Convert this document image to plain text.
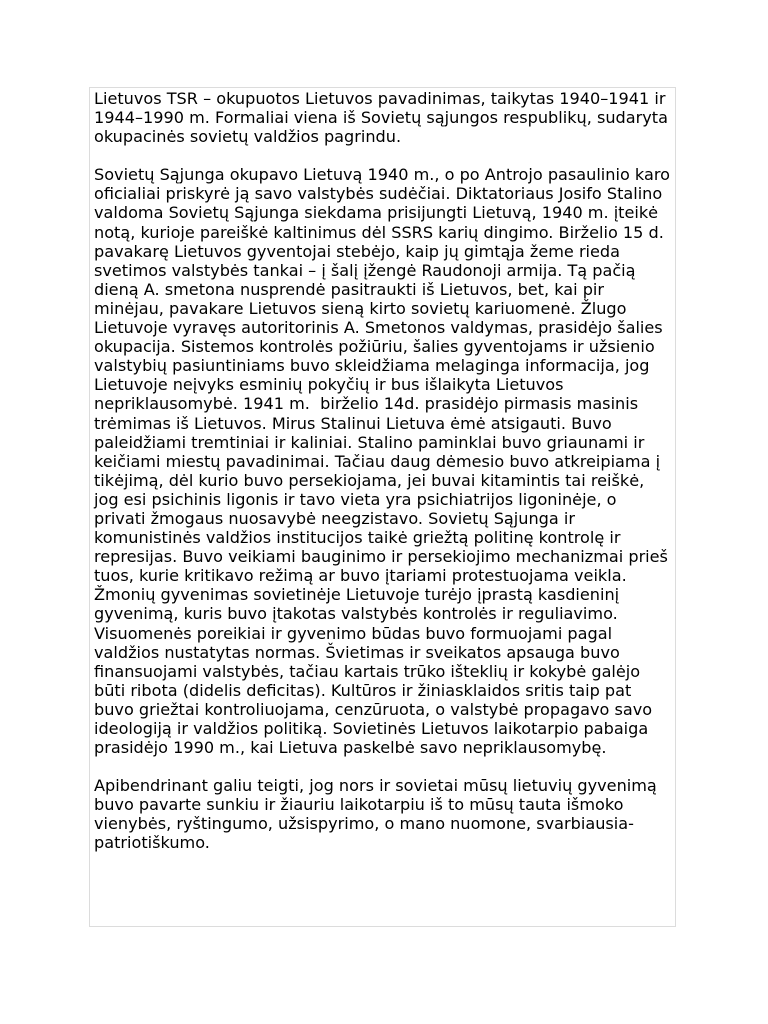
Lietuvos TSR – okupuotos Lietuvos pavadinimas, taikytas 1940–1941 ir 1944–1990 m. Formaliai viena iš Sovietų sąjungos respublikų, sudaryta okupacinės sovietų valdžios pagrindu.

Sovietų Sąjunga okupavo Lietuvą 1940 m., o po Antrojo pasaulinio karo oficialiai priskyrė ją savo valstybės sudėčiai. Diktatoriaus Josifo Stalino valdoma Sovietų Sąjunga siekdama prisijungti Lietuvą, 1940 m. įteikė notą, kurioje pareiškė kaltinimus dėl SSRS karių dingimo. Birželio 15 d. pavakarę Lietuvos gyventojai stebėjo, kaip jų gimtąja žeme rieda svetimos valstybės tankai – į šalį įžengė Raudonoji armija. Tą pačią dieną A. smetona nusprendė pasitraukti iš Lietuvos, bet, kai pir minėjau, pavakare Lietuvos sieną kirto sovietų kariuomenė. Žlugo Lietuvoje vyravęs autoritorinis A. Smetonos valdymas, prasidėjo šalies okupacija. Sistemos kontrolės požiūriu, šalies gyventojams ir užsienio valstybių pasiuntiniams buvo skleidžiama melaginga informacija, jog Lietuvoje neįvyks esminių pokyčių ir bus išlaikyta Lietuvos nepriklausomybė. 1941 m.  birželio 14d. prasidėjo pirmasis masinis trėmimas iš Lietuvos. Mirus Stalinui Lietuva ėmė atsigauti. Buvo paleidžiami tremtiniai ir kaliniai. Stalino paminklai buvo griaunami ir keičiami miestų pavadinimai. Tačiau daug dėmesio buvo atkreipiama į tikėjimą, dėl kurio buvo persekiojama, jei buvai kitamintis tai reiškė, jog esi psichinis ligonis ir tavo vieta yra psichiatrijos ligoninėje, o privati žmogaus nuosavybė neegzistavo. Sovietų Sąjunga ir komunistinės valdžios institucijos taikė griežtą politinę kontrolę ir represijas. Buvo veikiami bauginimo ir persekiojimo mechanizmai prieš tuos, kurie kritikavo režimą ar buvo įtariami protestuojama veikla. Žmonių gyvenimas sovietinėje Lietuvoje turėjo įprastą kasdieninį gyvenimą, kuris buvo įtakotas valstybės kontrolės ir reguliavimo. Visuomenės poreikiai ir gyvenimo būdas buvo formuojami pagal valdžios nustatytas normas. Švietimas ir sveikatos apsauga buvo finansuojami valstybės, tačiau kartais trūko išteklių ir kokybė galėjo būti ribota (didelis deficitas). Kultūros ir žiniasklaidos sritis taip pat buvo griežtai kontroliuojama, cenzūruota, o valstybė propagavo savo ideologiją ir valdžios politiką. Sovietinės Lietuvos laikotarpio pabaiga prasidėjo 1990 m., kai Lietuva paskelbė savo nepriklausomybę.

Apibendrinant galiu teigti, jog nors ir sovietai mūsų lietuvių gyvenimą buvo pavarte sunkiu ir žiauriu laikotarpiu iš to mūsų tauta išmoko vienybės, ryštingumo, užsispyrimo, o mano nuomone, svarbiausia- patriotiškumo.
